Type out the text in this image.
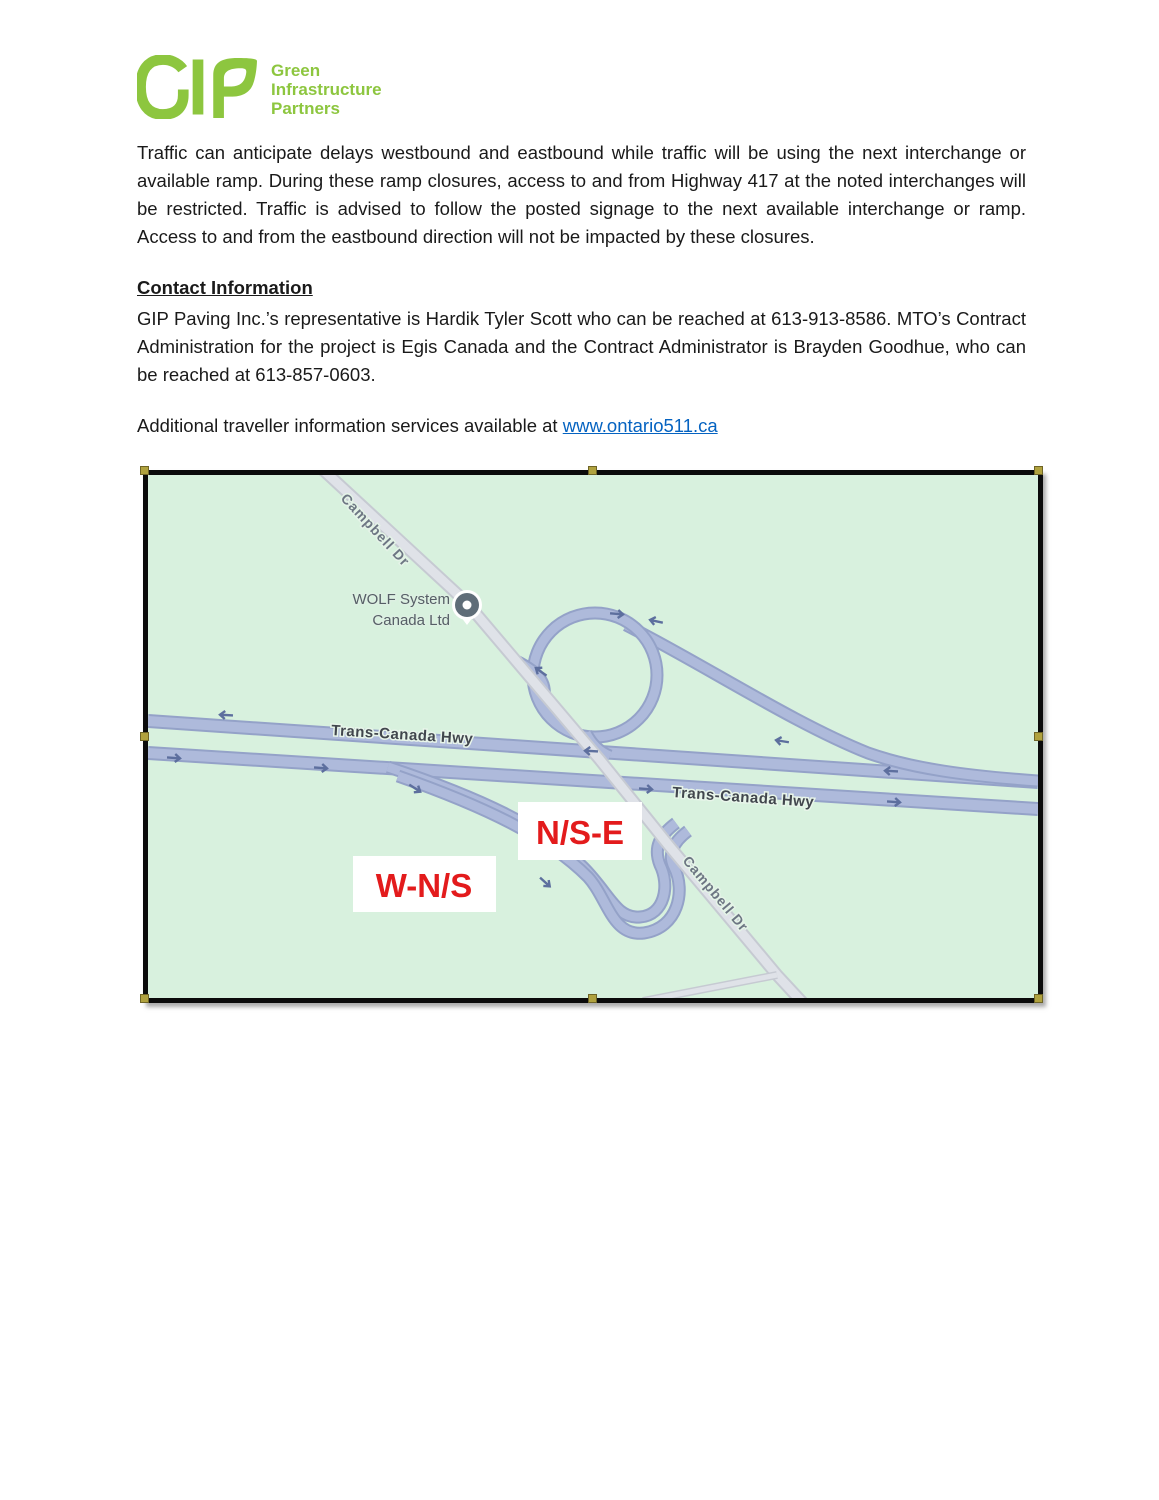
Green
Infrastructure
Partners
Traffic can anticipate delays westbound and eastbound while traffic will be using the next interchange or available ramp. During these ramp closures, access to and from Highway 417 at the noted interchanges will be restricted. Traffic is advised to follow the posted signage to the next available interchange or ramp. Access to and from the eastbound direction will not be impacted by these closures.
Contact Information
GIP Paving Inc.’s representative is Hardik Tyler Scott who can be reached at 613-913-8586. MTO’s Contract Administration for the project is Egis Canada and the Contract Administrator is Brayden Goodhue, who can be reached at 613-857-0603.
Additional traveller information services available at www.ontario511.ca
Trans-Canada Hwy
Trans-Canada Hwy
Campbell Dr
Campbell Dr
WOLF System
Canada Ltd
N/S-E
W-N/S
